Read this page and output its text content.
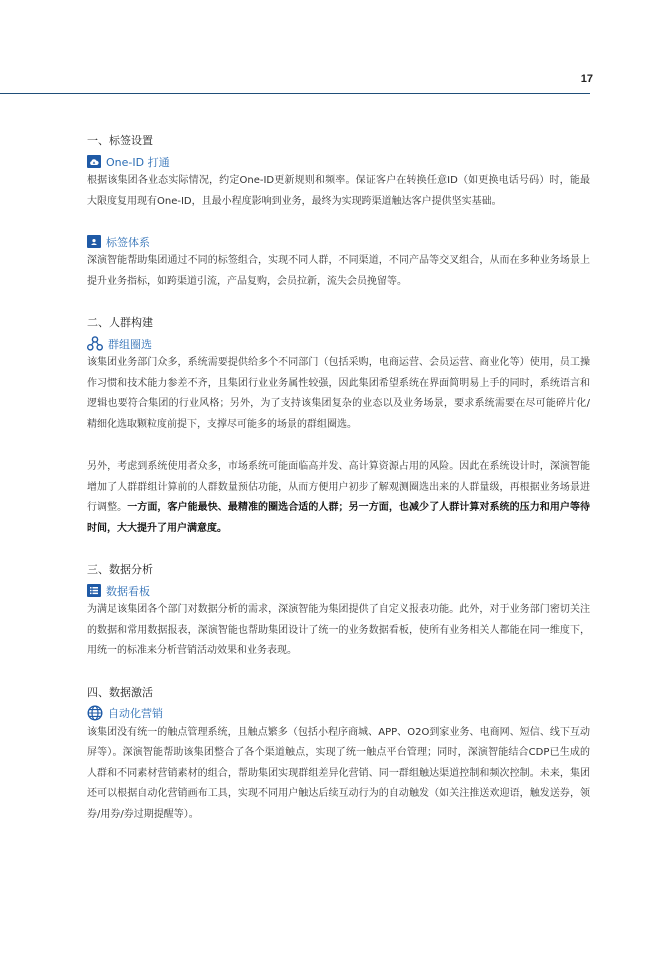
17
一、标签设置
One-ID 打通

根据该集团各业态实际情况，约定One-ID更新规则和频率。保证客户在转换任意ID（如更换电话号码）时，能最大限度复用现有One-ID，且最小程度影响到业务，最终为实现跨渠道触达客户提供坚实基础。

标签体系

深演智能帮助集团通过不同的标签组合，实现不同人群，不同渠道，不同产品等交叉组合，从而在多种业务场景上提升业务指标，如跨渠道引流，产品复购，会员拉新，流失会员挽留等。

二、人群构建
群组圈选

该集团业务部门众多，系统需要提供给多个不同部门（包括采购，电商运营、会员运营、商业化等）使用，员工操作习惯和技术能力参差不齐，且集团行业业务属性较强，因此集团希望系统在界面简明易上手的同时，系统语言和逻辑也要符合集团的行业风格；另外，为了支持该集团复杂的业态以及业务场景，要求系统需要在尽可能碎片化/精细化选取颗粒度前提下，支撑尽可能多的场景的群组圈选。

另外，考虑到系统使用者众多，市场系统可能面临高并发、高计算资源占用的风险。因此在系统设计时，深演智能增加了人群群组计算前的人群数量预估功能，从而方便用户初步了解观测圈选出来的人群量级，再根据业务场景进行调整。一方面，客户能最快、最精准的圈选合适的人群；另一方面，也减少了人群计算对系统的压力和用户等待时间，大大提升了用户满意度。

三、数据分析
数据看板

为满足该集团各个部门对数据分析的需求，深演智能为集团提供了自定义报表功能。此外，对于业务部门密切关注的数据和常用数据报表，深演智能也帮助集团设计了统一的业务数据看板，使所有业务相关人都能在同一维度下，用统一的标准来分析营销活动效果和业务表现。

四、数据激活
自动化营销

该集团没有统一的触点管理系统，且触点繁多（包括小程序商城、APP、O2O到家业务、电商网、短信、线下互动屏等）。深演智能帮助该集团整合了各个渠道触点，实现了统一触点平台管理；同时，深演智能结合CDP已生成的人群和不同素材营销素材的组合，帮助集团实现群组差异化营销、同一群组触达渠道控制和频次控制。未来，集团还可以根据自动化营销画布工具，实现不同用户触达后续互动行为的自动触发（如关注推送欢迎语，触发送券，领券/用券/券过期提醒等）。
